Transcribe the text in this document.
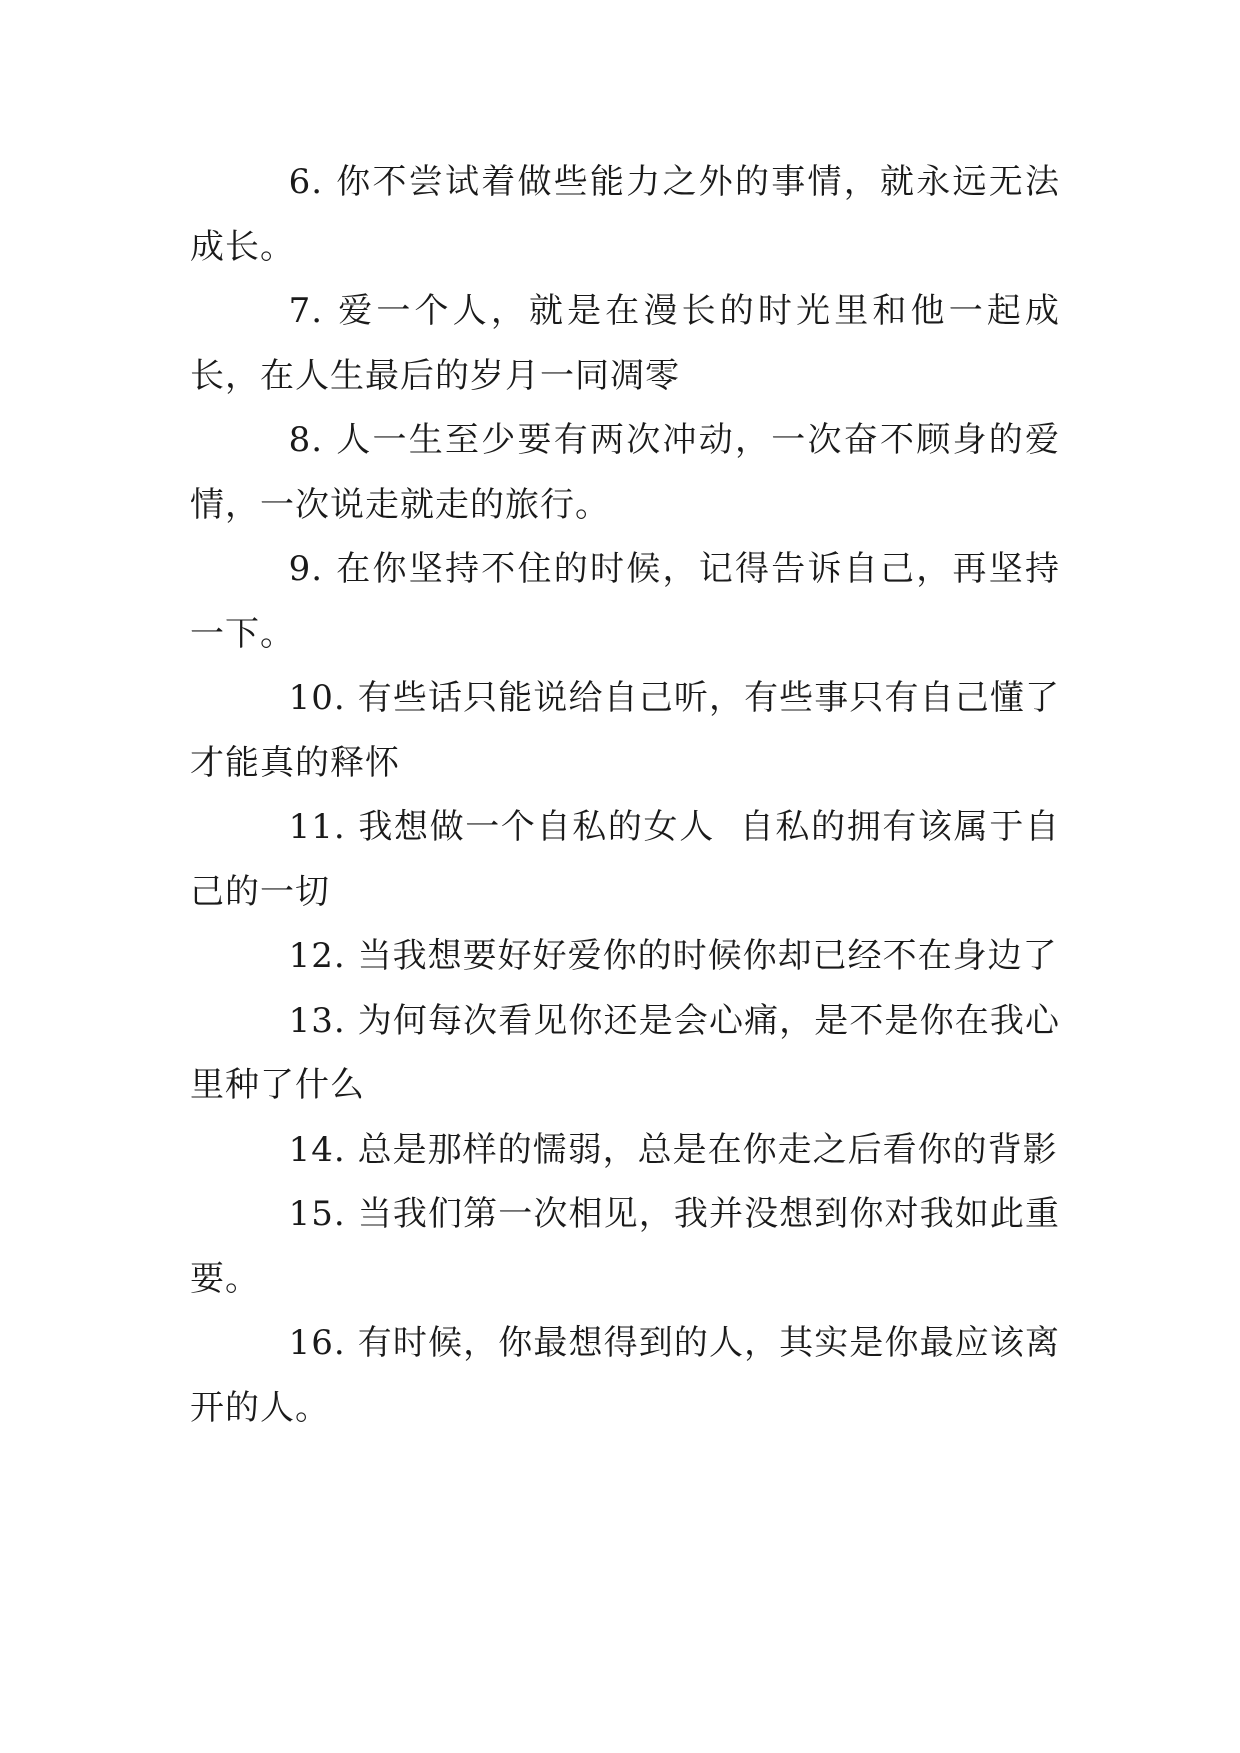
6. 你不尝试着做些能力之外的事情，就永远无法成长。

7. 爱一个人，就是在漫长的时光里和他一起成长，在人生最后的岁月一同凋零

8. 人一生至少要有两次冲动，一次奋不顾身的爱情，一次说走就走的旅行。

9. 在你坚持不住的时候，记得告诉自己，再坚持一下。

10. 有些话只能说给自己听，有些事只有自己懂了才能真的释怀

11. 我想做一个自私的女人  自私的拥有该属于自己的一切

12. 当我想要好好爱你的时候你却已经不在身边了

13. 为何每次看见你还是会心痛，是不是你在我心里种了什么

14. 总是那样的懦弱，总是在你走之后看你的背影

15. 当我们第一次相见，我并没想到你对我如此重要。

16. 有时候，你最想得到的人，其实是你最应该离开的人。
